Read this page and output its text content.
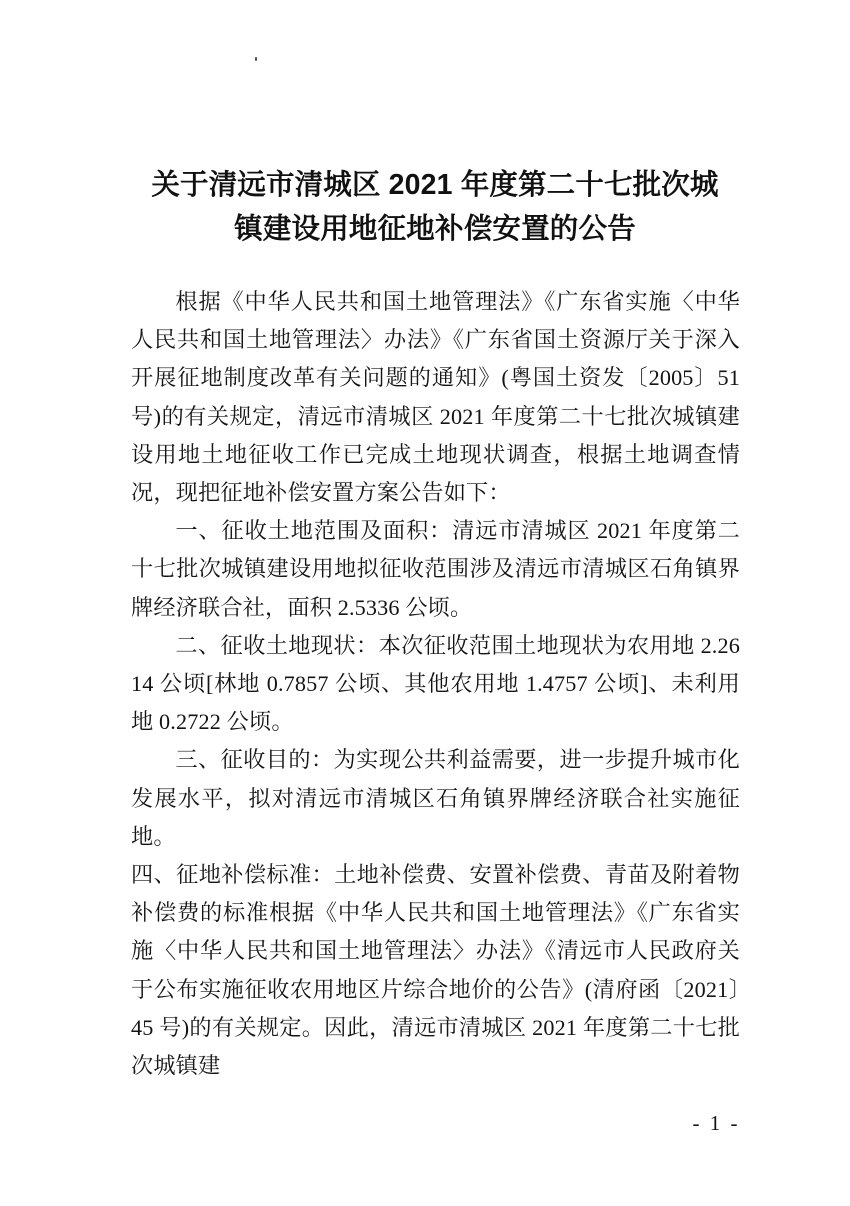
关于清远市清城区 2021 年度第二十七批次城
镇建设用地征地补偿安置的公告

根据《中华人民共和国土地管理法》《广东省实施〈中华人民共和国土地管理法〉办法》《广东省国土资源厅关于深入开展征地制度改革有关问题的通知》(粤国土资发〔2005〕51 号)的有关规定，清远市清城区 2021 年度第二十七批次城镇建设用地土地征收工作已完成土地现状调查，根据土地调查情况，现把征地补偿安置方案公告如下：

一、征收土地范围及面积：清远市清城区 2021 年度第二十七批次城镇建设用地拟征收范围涉及清远市清城区石角镇界牌经济联合社，面积 2.5336 公顷。

二、征收土地现状：本次征收范围土地现状为农用地 2.2614 公顷[林地 0.7857 公顷、其他农用地 1.4757 公顷]、未利用地 0.2722 公顷。

三、征收目的：为实现公共利益需要，进一步提升城市化发展水平，拟对清远市清城区石角镇界牌经济联合社实施征地。

四、征地补偿标准：土地补偿费、安置补偿费、青苗及附着物补偿费的标准根据《中华人民共和国土地管理法》《广东省实施〈中华人民共和国土地管理法〉办法》《清远市人民政府关于公布实施征收农用地区片综合地价的公告》(清府函〔2021〕45 号)的有关规定。因此，清远市清城区 2021 年度第二十七批次城镇建

- 1 -
